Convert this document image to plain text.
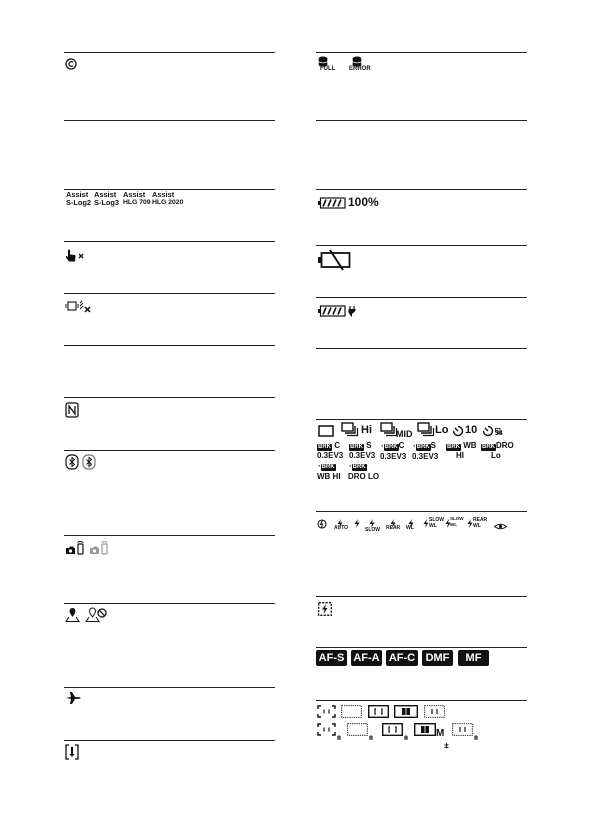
Assist
S-Log2
Assist
S-Log3
Assist
HLG 709
Assist
HLG 2020
FULL ERROR
100%
Hi	MID Lo 10	3s
BRK C
0.3EV3
BRK S
0.3EV3
◔BRKC
0.3EV3
◔BRKS
0.3EV3
BRK WB
HI
BRKDRO
Lo
◔BRK
WB HI
◔BRK
DRO LO
AUTO	SLOW REAR WL
SLOW WL
SLOW WL
REAR WL
AF-S AF-A AF-C DMF	MF
M
